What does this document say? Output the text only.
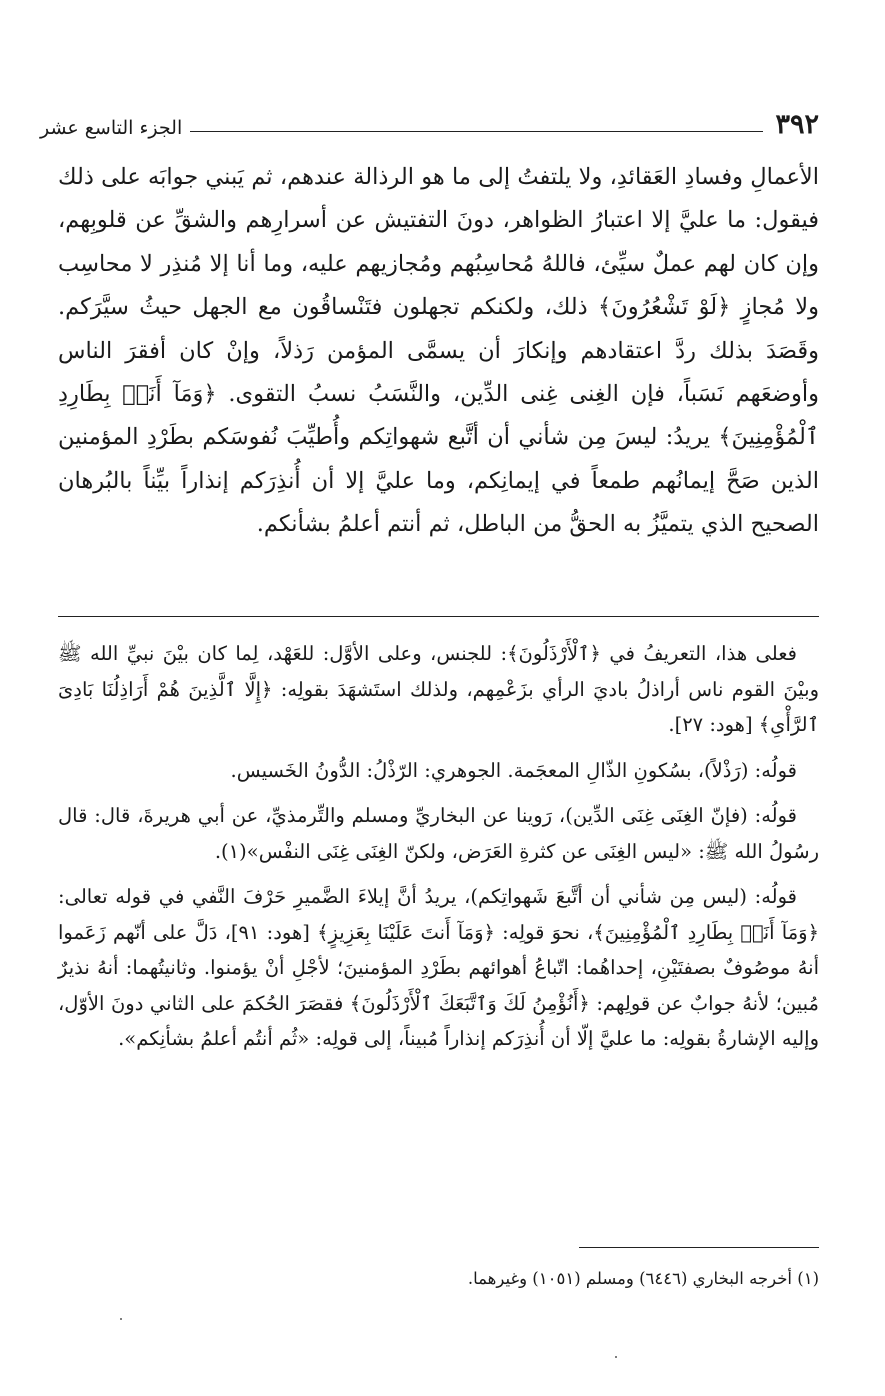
٣٩٢
الجزء التاسع عشر

الأعمالِ وفسادِ العَقائدِ، ولا يلتفتُ إلى ما هو الرذالة عندهم، ثم يَبني جوابَه على ذلك فيقول: ما عليَّ إلا اعتبارُ الظواهر، دونَ التفتيش عن أسرارِهم والشقِّ عن قلوبِهم، وإن كان لهم عملٌ سيِّئ، فاللهُ مُحاسِبُهم ومُجازيهم عليه، وما أنا إلا مُنذِر لا محاسِب ولا مُجازٍ ﴿لَوْ تَشْعُرُونَ﴾ ذلك، ولكنكم تجهلون فتَنْساقُون مع الجهل حيثُ سيَّرَكم. وقَصَدَ بذلك ردَّ اعتقادهم وإنكارَ أن يسمَّى المؤمن رَذلاً، وإنْ كان أفقرَ الناس وأوضعَهم نَسَباً، فإن الغِنى غِنى الدِّين، والنَّسَبُ نسبُ التقوى. ﴿وَمَآ أَنَا۠ بِطَارِدِ ٱلْمُؤْمِنِينَ﴾ يريدُ: ليسَ مِن شأني أن أتَّبع شهواتِكم وأُطيِّبَ نُفوسَكم بطَرْدِ المؤمنين الذين صَحَّ إيمانُهم طمعاً في إيمانِكم، وما عليَّ إلا أن أُنذِرَكم إنذاراً بيِّناً بالبُرهان الصحيح الذي يتميَّزُ به الحقُّ من الباطل، ثم أنتم أعلمُ بشأنكم.

فعلى هذا، التعريفُ في ﴿ٱلْأَرْذَلُونَ﴾: للجنس، وعلى الأوَّل: للعَهْد، لِما كان بيْنَ نبيِّ الله ﷺ وبيْنَ القوم ناس أراذلُ باديَ الرأي بزَعْمِهم، ولذلك استَشهَدَ بقولِه: ﴿إِلَّا ٱلَّذِينَ هُمْ أَرَاذِلُنَا بَادِىَ ٱلرَّأْىِ﴾ [هود: ٢٧].

قولُه: (رَذْلاً)، بسُكونِ الذّالِ المعجَمة. الجوهري: الرّذْلُ: الدُّونُ الخَسيس.

قولُه: (فإنّ الغِنَى غِنَى الدِّين)، رَوينا عن البخاريِّ ومسلم والتِّرمذيِّ، عن أبي هريرةَ، قال: قال رسُولُ الله ﷺ: «ليس الغِنَى عن كثرةِ العَرَض، ولكنّ الغِنَى غِنَى النفْس»(١).

قولُه: (ليس مِن شأني أن أتَّبعَ شَهواتِكم)، يريدُ أنَّ إيلاءَ الضَّميرِ حَرْفَ النَّفي في قوله تعالى: ﴿وَمَآ أَنَا۠ بِطَارِدِ ٱلْمُؤْمِنِينَ﴾، نحوَ قولِه: ﴿وَمَآ أَنتَ عَلَيْنَا بِعَزِيزٍ﴾ [هود: ٩١]، دَلَّ على أنّهم زَعَموا أنهُ موصُوفٌ بصفتَيْنِ، إحداهُما: اتّباعُ أهوائهم بطَرْدِ المؤمنينَ؛ لأجْلِ أنْ يؤمنوا. وثانيتُهما: أنهُ نذيرٌ مُبين؛ لأنهُ جوابٌ عن قولِهم: ﴿أَنُؤْمِنُ لَكَ وَٱتَّبَعَكَ ٱلْأَرْذَلُونَ﴾ فقصَرَ الحُكمَ على الثاني دونَ الأوّل، وإليه الإشارةُ بقولِه: ما عليَّ إلّا أن أُنذِرَكم إنذاراً مُبيناً، إلى قولِه: «ثُم أنتُم أعلمُ بشأنِكم».

(١) أخرجه البخاري (٦٤٤٦) ومسلم (١٠٥١) وغيرهما.
